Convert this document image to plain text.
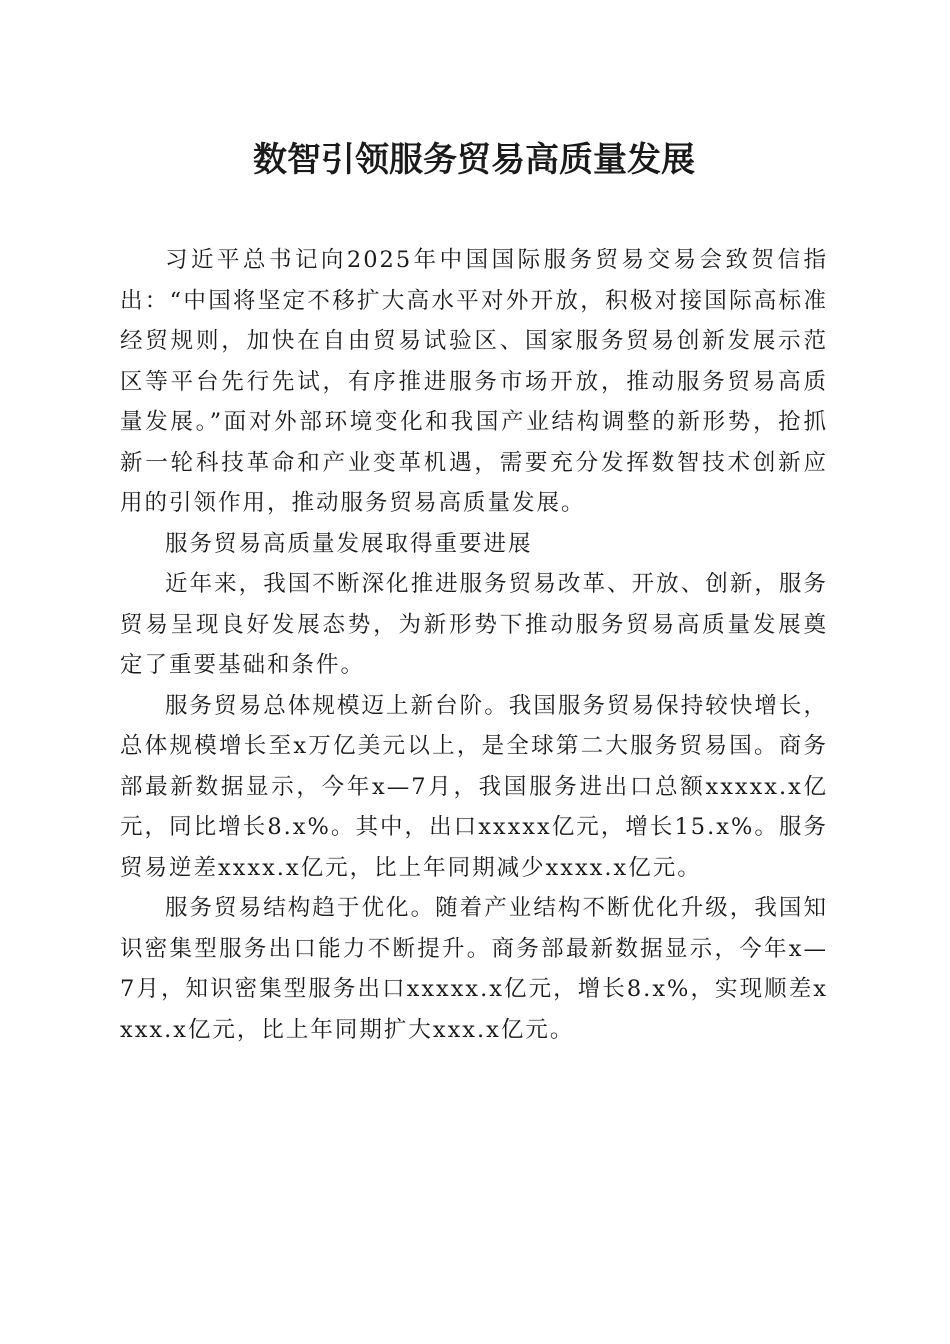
数智引领服务贸易高质量发展

习近平总书记向2025年中国国际服务贸易交易会致贺信指出：“中国将坚定不移扩大高水平对外开放，积极对接国际高标准经贸规则，加快在自由贸易试验区、国家服务贸易创新发展示范区等平台先行先试，有序推进服务市场开放，推动服务贸易高质量发展。”面对外部环境变化和我国产业结构调整的新形势，抢抓新一轮科技革命和产业变革机遇，需要充分发挥数智技术创新应用的引领作用，推动服务贸易高质量发展。

服务贸易高质量发展取得重要进展

近年来，我国不断深化推进服务贸易改革、开放、创新，服务贸易呈现良好发展态势，为新形势下推动服务贸易高质量发展奠定了重要基础和条件。

服务贸易总体规模迈上新台阶。我国服务贸易保持较快增长，总体规模增长至x万亿美元以上，是全球第二大服务贸易国。商务部最新数据显示，今年x—7月，我国服务进出口总额xxxxx.x亿元，同比增长8.x%。其中，出口xxxxx亿元，增长15.x%。服务贸易逆差xxxx.x亿元，比上年同期减少xxxx.x亿元。

服务贸易结构趋于优化。随着产业结构不断优化升级，我国知识密集型服务出口能力不断提升。商务部最新数据显示，今年x—7月，知识密集型服务出口xxxxx.x亿元，增长8.x%，实现顺差xxxx.x亿元，比上年同期扩大xxx.x亿元。
